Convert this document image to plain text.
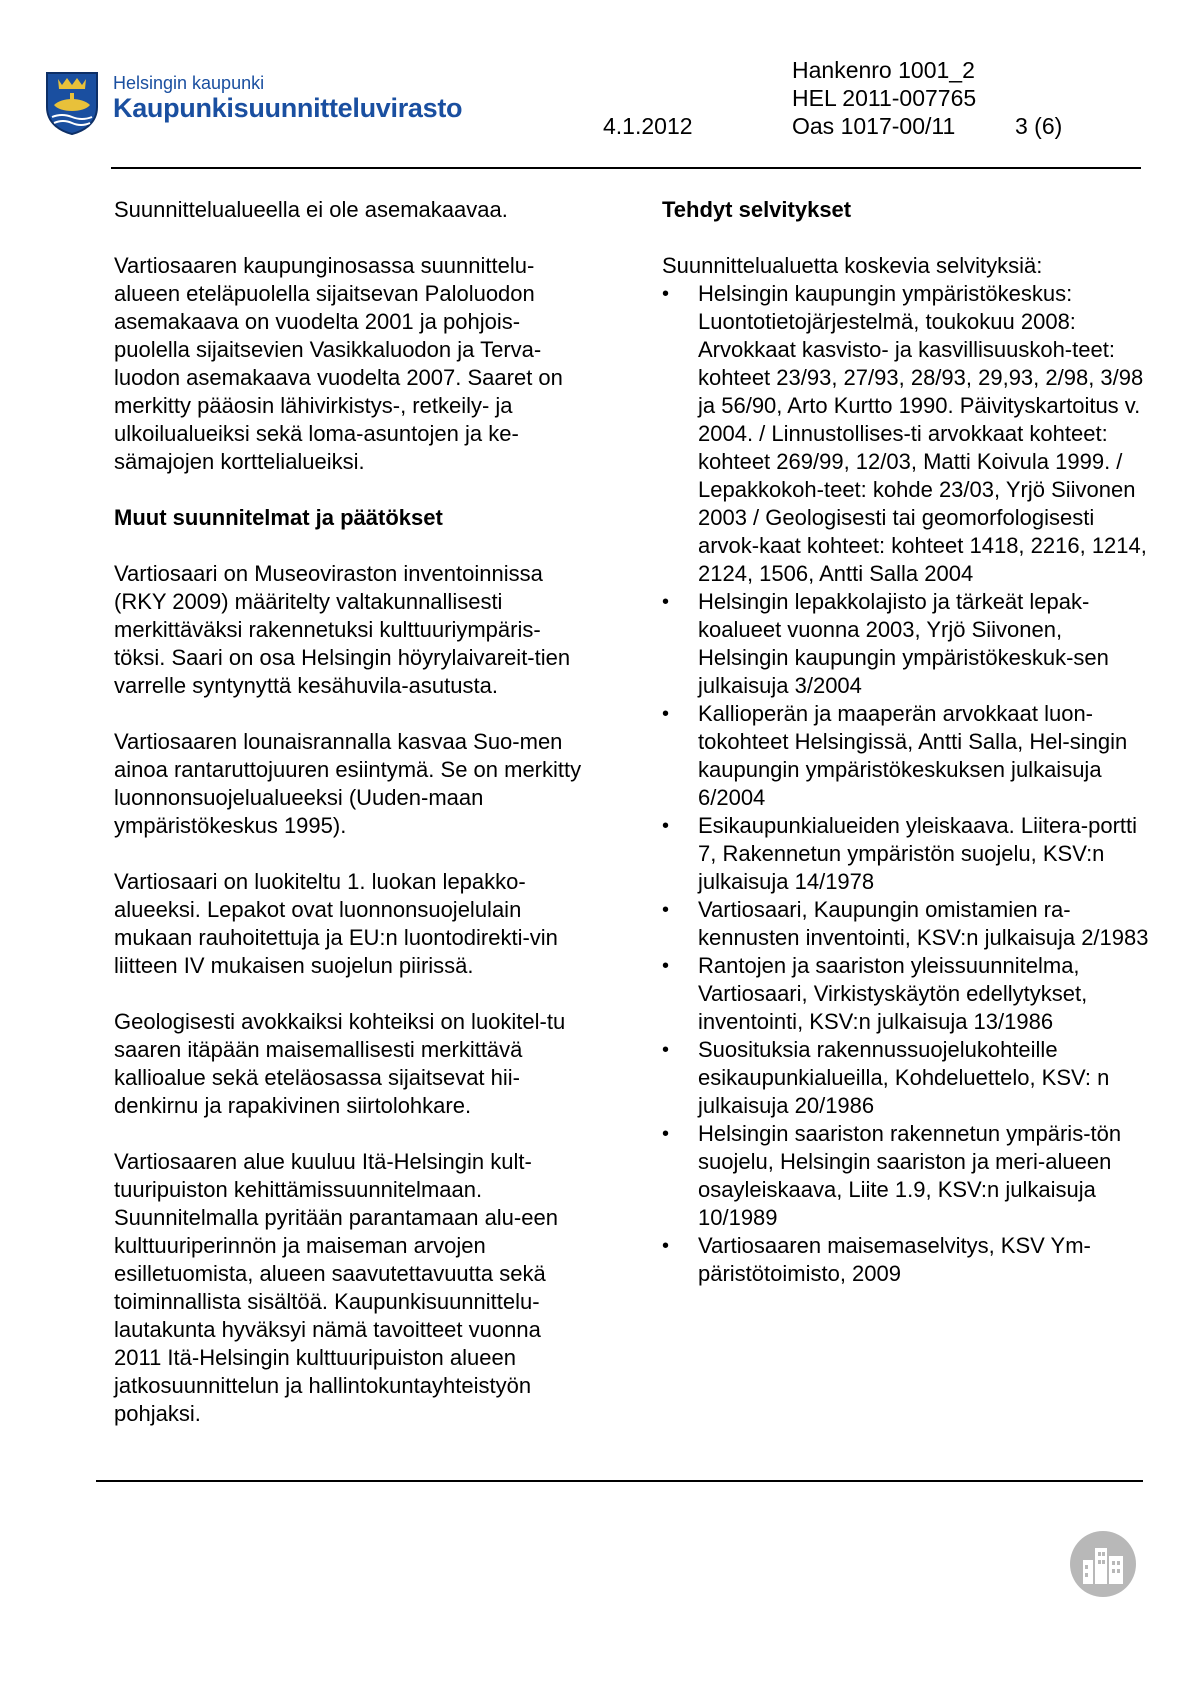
Helsingin kaupunki
Kaupunkisuunnitteluvirasto
4.1.2012
Hankenro 1001_2
HEL 2011-007765
Oas 1017-00/11	3 (6)

Suunnittelualueella ei ole asemakaavaa.

Vartiosaaren kaupunginosassa suunnittelu-alueen eteläpuolella sijaitsevan Paloluodon asemakaava on vuodelta 2001 ja pohjois-puolella sijaitsevien Vasikkaluodon ja Terva-luodon asemakaava vuodelta 2007. Saaret on merkitty pääosin lähivirkistys-, retkeily- ja ulkoilualueiksi sekä loma-asuntojen ja ke-sämajojen korttelialueiksi.

Muut suunnitelmat ja päätökset

Vartiosaari on Museoviraston inventoinnissa (RKY 2009) määritelty valtakunnallisesti merkittäväksi rakennetuksi kulttuuriympäris-töksi. Saari on osa Helsingin höyrylaivareit-tien varrelle syntynyttä kesähuvila-asutusta.

Vartiosaaren lounaisrannalla kasvaa Suo-men ainoa rantaruttojuuren esiintymä. Se on merkitty luonnonsuojelualueeksi (Uuden-maan ympäristökeskus 1995).

Vartiosaari on luokiteltu 1. luokan lepakko-alueeksi. Lepakot ovat luonnonsuojelulain mukaan rauhoitettuja ja EU:n luontodirekti-vin liitteen IV mukaisen suojelun piirissä.

Geologisesti avokkaiksi kohteiksi on luokitel-tu saaren itäpään maisemallisesti merkittävä kallioalue sekä eteläosassa sijaitsevat hii-denkirnu ja rapakivinen siirtolohkare.

Vartiosaaren alue kuuluu Itä-Helsingin kult-tuuripuiston kehittämissuunnitelmaan. Suunnitelmalla pyritään parantamaan alu-een kulttuuriperinnön ja maiseman arvojen esilletuomista, alueen saavutettavuutta sekä toiminnallista sisältöä. Kaupunkisuunnittelu-lautakunta hyväksyi nämä tavoitteet vuonna 2011 Itä-Helsingin kulttuuripuiston alueen jatkosuunnittelun ja hallintokuntayhteistyön pohjaksi.

Tehdyt selvitykset

Suunnittelualuetta koskevia selvityksiä:

• Helsingin kaupungin ympäristökeskus: Luontotietojärjestelmä, toukokuu 2008: Arvokkaat kasvisto- ja kasvillisuuskoh-teet: kohteet 23/93, 27/93, 28/93, 29,93, 2/98, 3/98 ja 56/90, Arto Kurtto 1990. Päivityskartoitus v. 2004. / Linnustollises-ti arvokkaat kohteet: kohteet 269/99, 12/03, Matti Koivula 1999. / Lepakkokoh-teet: kohde 23/03, Yrjö Siivonen 2003 / Geologisesti tai geomorfologisesti arvok-kaat kohteet: kohteet 1418, 2216, 1214, 2124, 1506, Antti Salla 2004
• Helsingin lepakkolajisto ja tärkeät lepak-koalueet vuonna 2003, Yrjö Siivonen, Helsingin kaupungin ympäristökeskuk-sen julkaisuja 3/2004
• Kallioperän ja maaperän arvokkaat luon-tokohteet Helsingissä, Antti Salla, Hel-singin kaupungin ympäristökeskuksen julkaisuja 6/2004
• Esikaupunkialueiden yleiskaava. Liitera-portti 7, Rakennetun ympäristön suojelu, KSV:n julkaisuja 14/1978
• Vartiosaari, Kaupungin omistamien ra-kennusten inventointi, KSV:n julkaisuja 2/1983
• Rantojen ja saariston yleissuunnitelma, Vartiosaari, Virkistyskäytön edellytykset, inventointi, KSV:n julkaisuja 13/1986
• Suosituksia rakennussuojelukohteille esikaupunkialueilla, Kohdeluettelo, KSV: n julkaisuja 20/1986
• Helsingin saariston rakennetun ympäris-tön suojelu, Helsingin saariston ja meri-alueen osayleiskaava, Liite 1.9, KSV:n julkaisuja 10/1989
• Vartiosaaren maisemaselvitys, KSV Ym-päristötoimisto, 2009
